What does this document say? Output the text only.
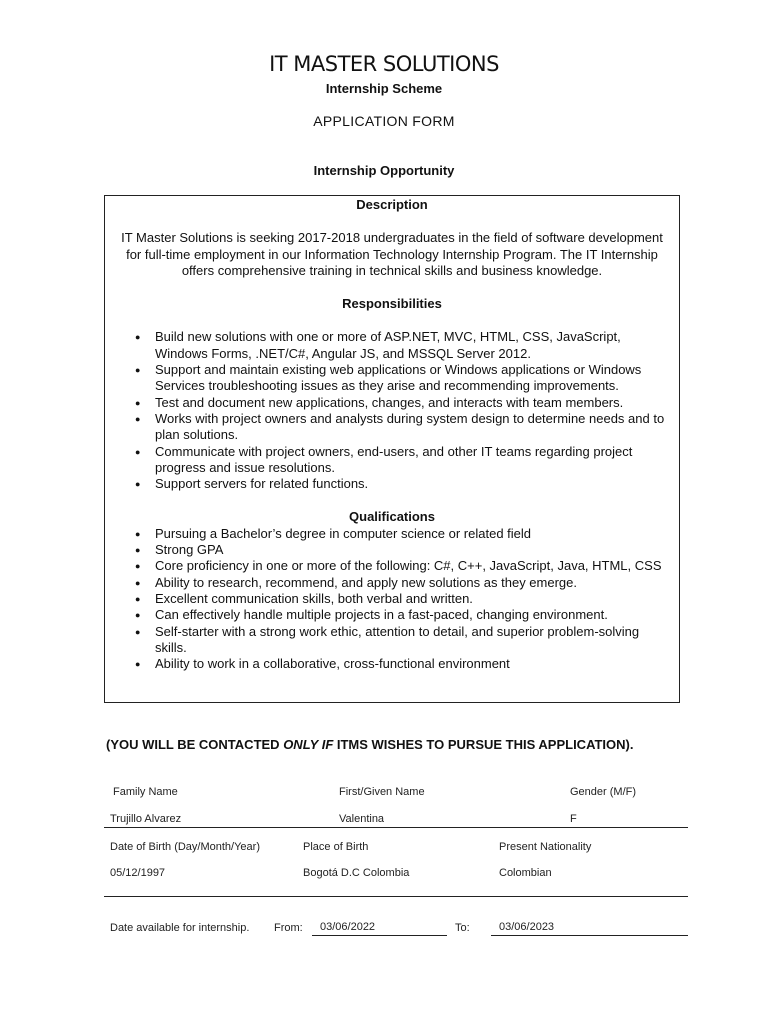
IT MASTER SOLUTIONS
Internship Scheme
APPLICATION FORM
Internship Opportunity
Description
IT Master Solutions is seeking 2017-2018 undergraduates in the field of software development for full-time employment in our Information Technology Internship Program. The IT Internship offers comprehensive training in technical skills and business knowledge.
Responsibilities
● Build new solutions with one or more of ASP.NET, MVC, HTML, CSS, JavaScript, Windows Forms, .NET/C#, Angular JS, and MSSQL Server 2012.
● Support and maintain existing web applications or Windows applications or Windows Services troubleshooting issues as they arise and recommending improvements.
● Test and document new applications, changes, and interacts with team members.
● Works with project owners and analysts during system design to determine needs and to plan solutions.
● Communicate with project owners, end-users, and other IT teams regarding project progress and issue resolutions.
● Support servers for related functions.
Qualifications
● Pursuing a Bachelor’s degree in computer science or related field
● Strong GPA
● Core proficiency in one or more of the following: C#, C++, JavaScript, Java, HTML, CSS
● Ability to research, recommend, and apply new solutions as they emerge.
● Excellent communication skills, both verbal and written.
● Can effectively handle multiple projects in a fast-paced, changing environment.
● Self-starter with a strong work ethic, attention to detail, and superior problem-solving skills.
● Ability to work in a collaborative, cross-functional environment
(YOU WILL BE CONTACTED ONLY IF ITMS WISHES TO PURSUE THIS APPLICATION).
Family Name	First/Given Name	Gender (M/F)
Trujillo Alvarez	Valentina	F
Date of Birth (Day/Month/Year)	Place of Birth	Present Nationality
05/12/1997	Bogotá D.C Colombia	Colombian
Date available for internship. From: 03/06/2022	To:	03/06/2023
